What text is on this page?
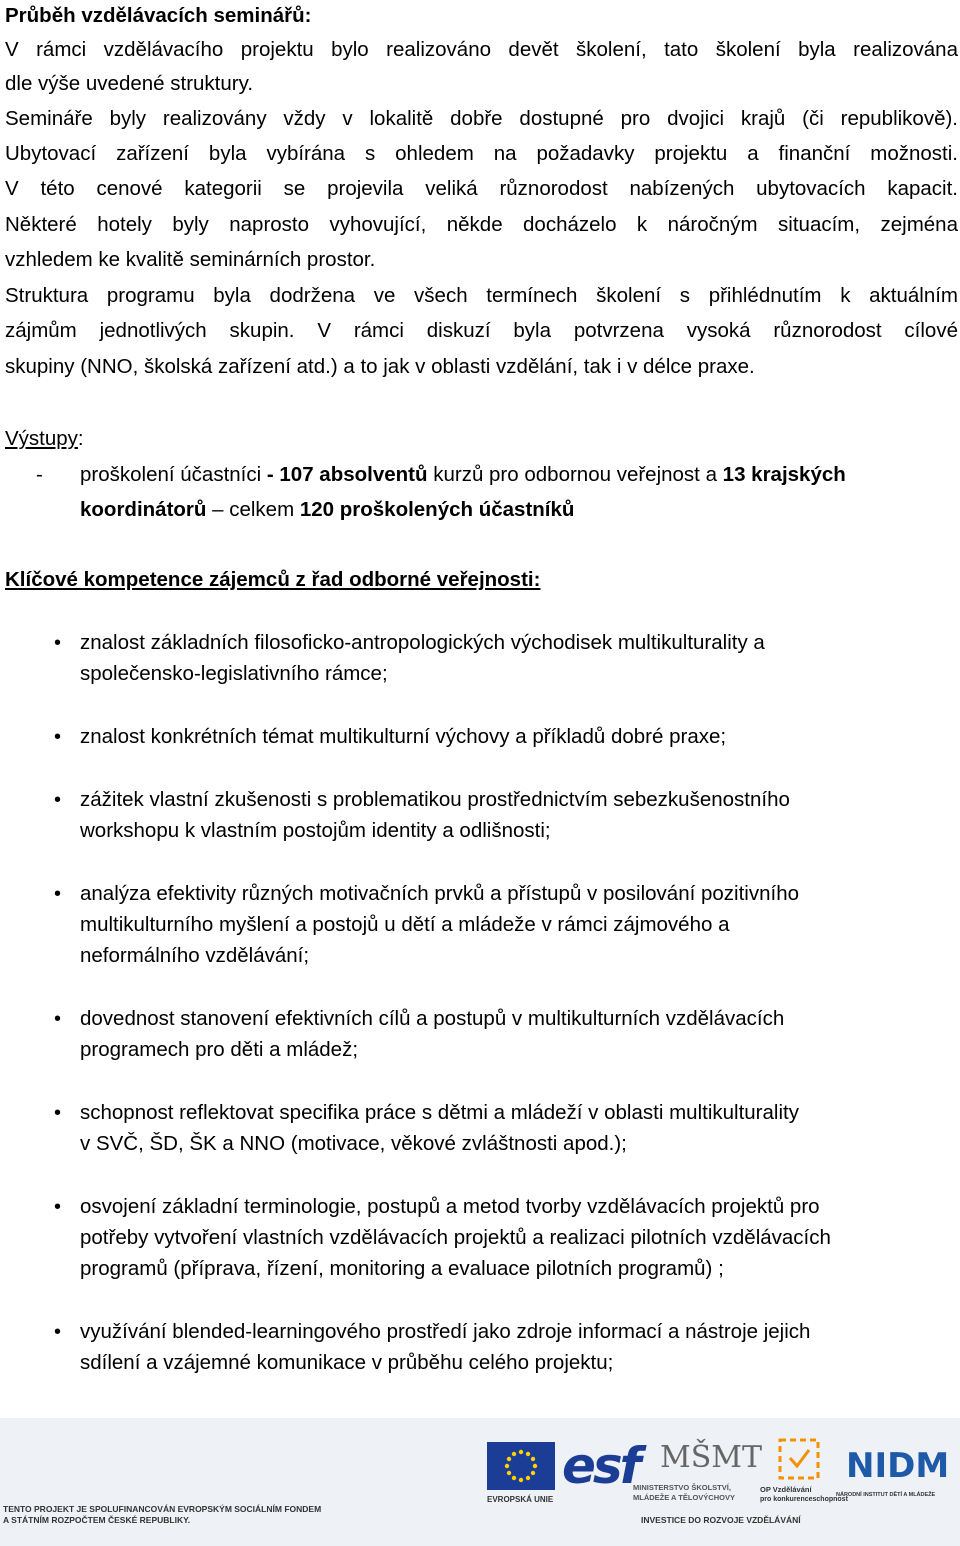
Průběh vzdělávacích seminářů:
V rámci vzdělávacího projektu bylo realizováno devět školení, tato školení byla realizována
dle výše uvedené struktury.
Semináře byly realizovány vždy v lokalitě dobře dostupné pro dvojici krajů (či republikově).
Ubytovací zařízení byla vybírána s ohledem na požadavky projektu a finanční možnosti.
V této cenové kategorii se projevila veliká různorodost nabízených ubytovacích kapacit.
Některé hotely byly naprosto vyhovující, někde docházelo k náročným situacím, zejména
vzhledem ke kvalitě seminárních prostor.
Struktura programu byla dodržena ve všech termínech školení s přihlédnutím k aktuálním
zájmům jednotlivých skupin. V rámci diskuzí byla potvrzena vysoká různorodost cílové
skupiny (NNO, školská zařízení atd.) a to jak v oblasti vzdělání, tak i v délce praxe.
Výstupy:
- proškolení účastníci - 107 absolventů kurzů pro odbornou veřejnost a 13 krajských
koordinátorů – celkem 120 proškolených účastníků
Klíčové kompetence zájemců z řad odborné veřejnosti:
• znalost základních filosoficko-antropologických východisek multikulturality a
společensko-legislativního rámce;
• znalost konkrétních témat multikulturní výchovy a příkladů dobré praxe;
• zážitek vlastní zkušenosti s problematikou prostřednictvím sebezkušenostního
workshopu k vlastním postojům identity a odlišnosti;
• analýza efektivity různých motivačních prvků a přístupů v posilování pozitivního
multikulturního myšlení a postojů u dětí a mládeže v rámci zájmového a
neformálního vzdělávání;
• dovednost stanovení efektivních cílů a postupů v multikulturních vzdělávacích
programech pro děti a mládež;
• schopnost reflektovat specifika práce s dětmi a mládeží v oblasti multikulturality
v SVČ, ŠD, ŠK a NNO (motivace, věkové zvláštnosti apod.);
• osvojení základní terminologie, postupů a metod tvorby vzdělávacích projektů pro
potřeby vytvoření vlastních vzdělávacích projektů a realizaci pilotních vzdělávacích
programů (příprava, řízení, monitoring a evaluace pilotních programů) ;
• využívání blended-learningového prostředí jako zdroje informací a nástroje jejich
sdílení a vzájemné komunikace v průběhu celého projektu;
EVROPSKÁ UNIE
esf MŠMT
MINISTERSTVO ŠKOLSTVÍ,
MLÁDEŽE A TĚLOVÝCHOVY
OP Vzdělávání
pro konkurenceschopnost
NIDM
NÁRODNÍ INSTITUT DĚTÍ A MLÁDEŽE
TENTO PROJEKT JE SPOLUFINANCOVÁN EVROPSKÝM SOCIÁLNÍM FONDEM
A STÁTNÍM ROZPOČTEM ČESKÉ REPUBLIKY.	INVESTICE DO ROZVOJE VZDĚLÁVÁNÍ
